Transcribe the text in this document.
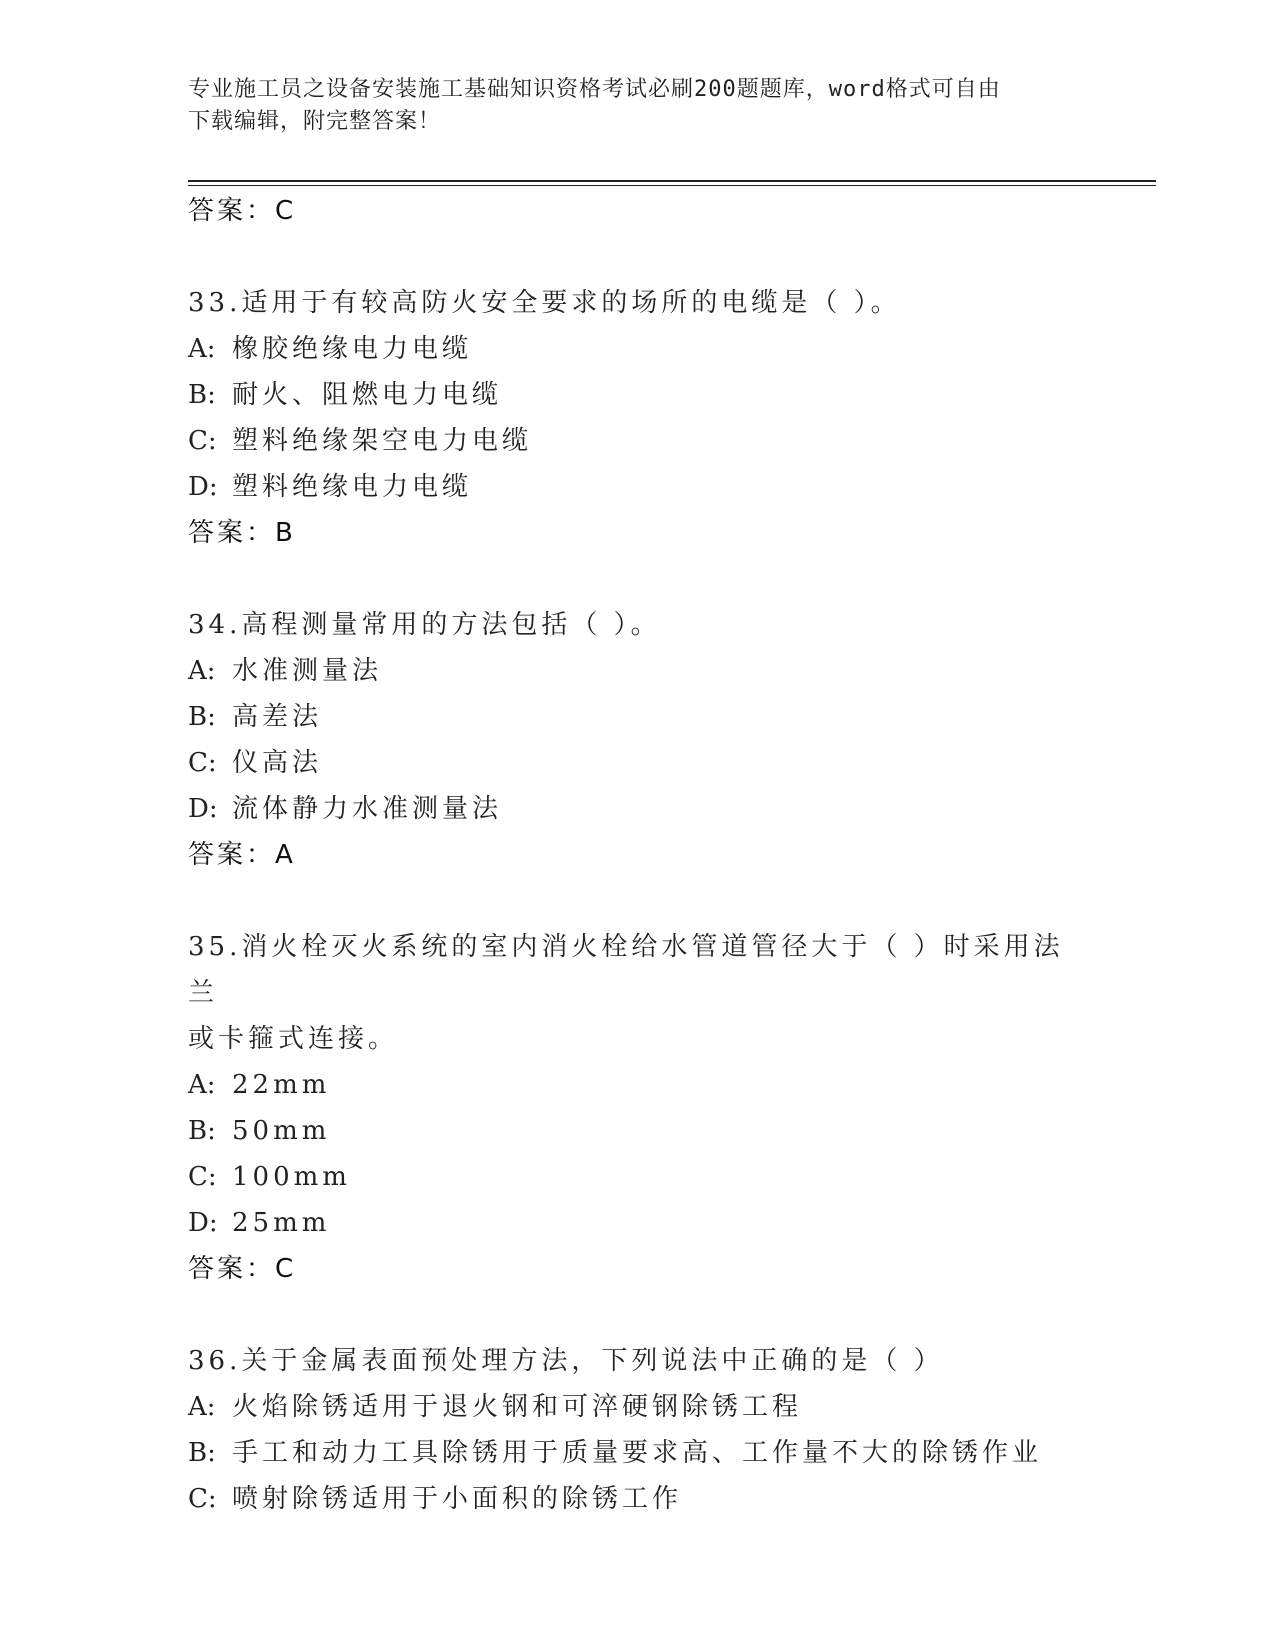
专业施工员之设备安装施工基础知识资格考试必刷200题题库，word格式可自由
下载编辑，附完整答案！
答案：C
33.适用于有较高防火安全要求的场所的电缆是（ ）。
A: 橡胶绝缘电力电缆
B: 耐火、阻燃电力电缆
C: 塑料绝缘架空电力电缆
D: 塑料绝缘电力电缆
答案：B
34.高程测量常用的方法包括（ ）。
A: 水准测量法
B: 高差法
C: 仪高法
D: 流体静力水准测量法
答案：A
35.消火栓灭火系统的室内消火栓给水管道管径大于（ ）时采用法兰
或卡箍式连接。
A: 22mm
B: 50mm
C: 100mm
D: 25mm
答案：C
36.关于金属表面预处理方法，下列说法中正确的是（ ）
A: 火焰除锈适用于退火钢和可淬硬钢除锈工程
B: 手工和动力工具除锈用于质量要求高、工作量不大的除锈作业
C: 喷射除锈适用于小面积的除锈工作
